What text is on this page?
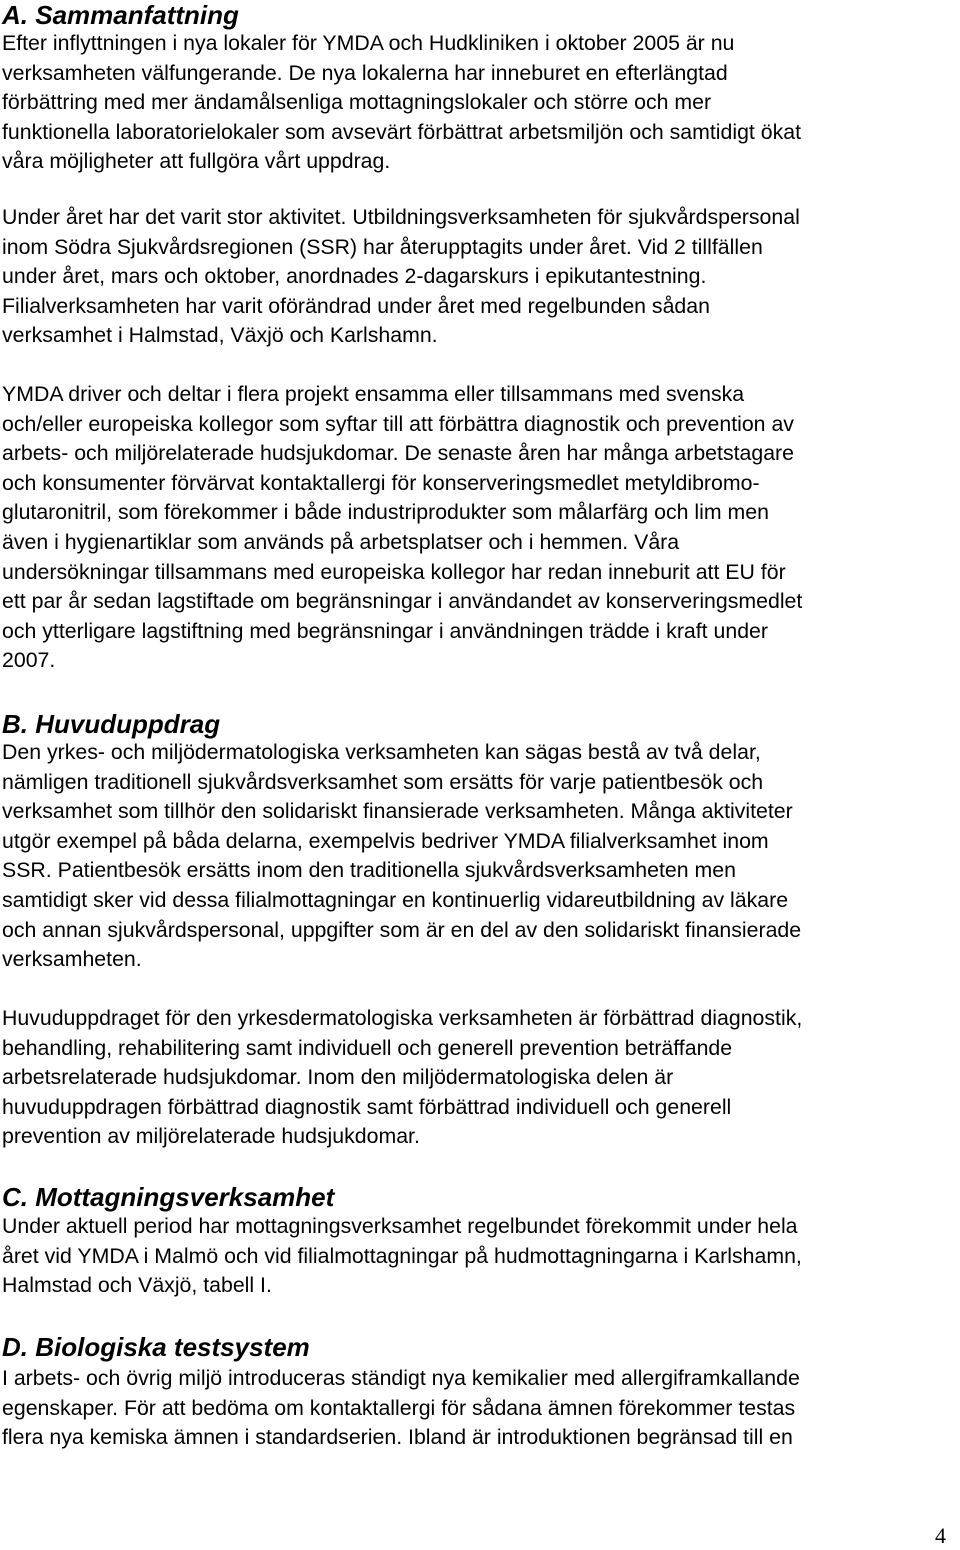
A. Sammanfattning

Efter inflyttningen i nya lokaler för YMDA och Hudkliniken i oktober 2005 är nu
verksamheten välfungerande. De nya lokalerna har inneburet en efterlängtad
förbättring med mer ändamålsenliga mottagningslokaler och större och mer
funktionella laboratorielokaler som avsevärt förbättrat arbetsmiljön och samtidigt ökat
våra möjligheter att fullgöra vårt uppdrag.

Under året har det varit stor aktivitet. Utbildningsverksamheten för sjukvårdspersonal
inom Södra Sjukvårdsregionen (SSR) har återupptagits under året. Vid 2 tillfällen
under året, mars och oktober, anordnades 2-dagarskurs i epikutantestning.
Filialverksamheten har varit oförändrad under året med regelbunden sådan
verksamhet i Halmstad, Växjö och Karlshamn.

YMDA driver och deltar i flera projekt ensamma eller tillsammans med svenska
och/eller europeiska kollegor som syftar till att förbättra diagnostik och prevention av
arbets- och miljörelaterade hudsjukdomar. De senaste åren har många arbetstagare
och konsumenter förvärvat kontaktallergi för konserveringsmedlet metyldibromo-
glutaronitril, som förekommer i både industriprodukter som målarfärg och lim men
även i hygienartiklar som används på arbetsplatser och i hemmen. Våra
undersökningar tillsammans med europeiska kollegor har redan inneburit att EU för
ett par år sedan lagstiftade om begränsningar i användandet av konserveringsmedlet
och ytterligare lagstiftning med begränsningar i användningen trädde i kraft under
2007.

B. Huvuduppdrag

Den yrkes- och miljödermatologiska verksamheten kan sägas bestå av två delar,
nämligen traditionell sjukvårdsverksamhet som ersätts för varje patientbesök och
verksamhet som tillhör den solidariskt finansierade verksamheten. Många aktiviteter
utgör exempel på båda delarna, exempelvis bedriver YMDA filialverksamhet inom
SSR. Patientbesök ersätts inom den traditionella sjukvårdsverksamheten men
samtidigt sker vid dessa filialmottagningar en kontinuerlig vidareutbildning av läkare
och annan sjukvårdspersonal, uppgifter som är en del av den solidariskt finansierade
verksamheten.

Huvuduppdraget för den yrkesdermatologiska verksamheten är förbättrad diagnostik,
behandling, rehabilitering samt individuell och generell prevention beträffande
arbetsrelaterade hudsjukdomar. Inom den miljödermatologiska delen är
huvuduppdragen förbättrad diagnostik samt förbättrad individuell och generell
prevention av miljörelaterade hudsjukdomar.

C. Mottagningsverksamhet

Under aktuell period har mottagningsverksamhet regelbundet förekommit under hela
året vid YMDA i Malmö och vid filialmottagningar på hudmottagningarna i Karlshamn,
Halmstad och Växjö, tabell I.

D. Biologiska testsystem

I arbets- och övrig miljö introduceras ständigt nya kemikalier med allergiframkallande
egenskaper. För att bedöma om kontaktallergi för sådana ämnen förekommer testas
flera nya kemiska ämnen i standardserien. Ibland är introduktionen begränsad till en

4
